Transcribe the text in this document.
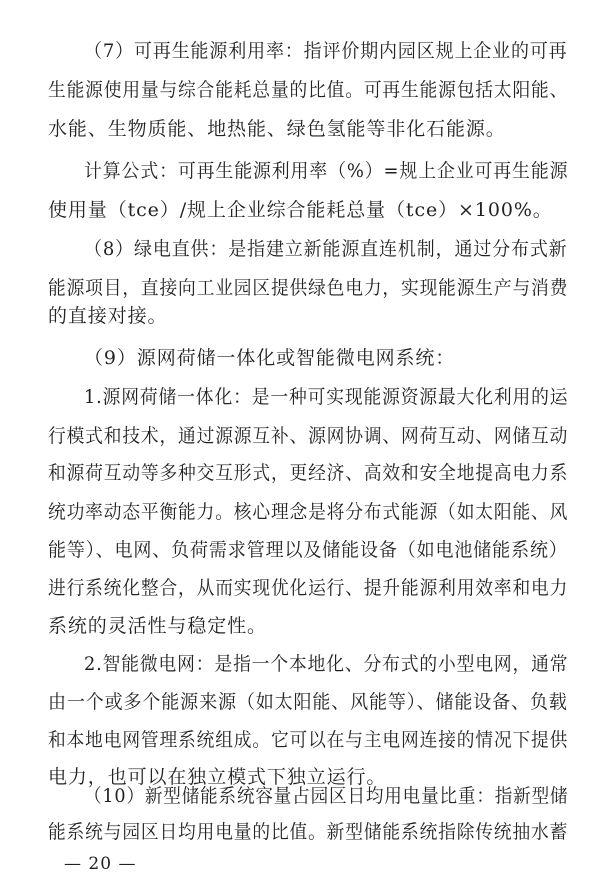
（7）可再生能源利用率：指评价期内园区规上企业的可再
生能源使用量与综合能耗总量的比值。可再生能源包括太阳能、
水能、生物质能、地热能、绿色氢能等非化石能源。
计算公式：可再生能源利用率（%）=规上企业可再生能源
使用量（tce）/规上企业综合能耗总量（tce）×100%。
（8）绿电直供：是指建立新能源直连机制，通过分布式新
能源项目，直接向工业园区提供绿色电力，实现能源生产与消费
的直接对接。
（9）源网荷储一体化或智能微电网系统：
1.源网荷储一体化：是一种可实现能源资源最大化利用的运
行模式和技术，通过源源互补、源网协调、网荷互动、网储互动
和源荷互动等多种交互形式，更经济、高效和安全地提高电力系
统功率动态平衡能力。核心理念是将分布式能源（如太阳能、风
能等）、电网、负荷需求管理以及储能设备（如电池储能系统）
进行系统化整合，从而实现优化运行、提升能源利用效率和电力
系统的灵活性与稳定性。
2.智能微电网：是指一个本地化、分布式的小型电网，通常
由一个或多个能源来源（如太阳能、风能等）、储能设备、负载
和本地电网管理系统组成。它可以在与主电网连接的情况下提供
电力，也可以在独立模式下独立运行。
（10）新型储能系统容量占园区日均用电量比重：指新型储
能系统与园区日均用电量的比值。新型储能系统指除传统抽水蓄
— 20 —
